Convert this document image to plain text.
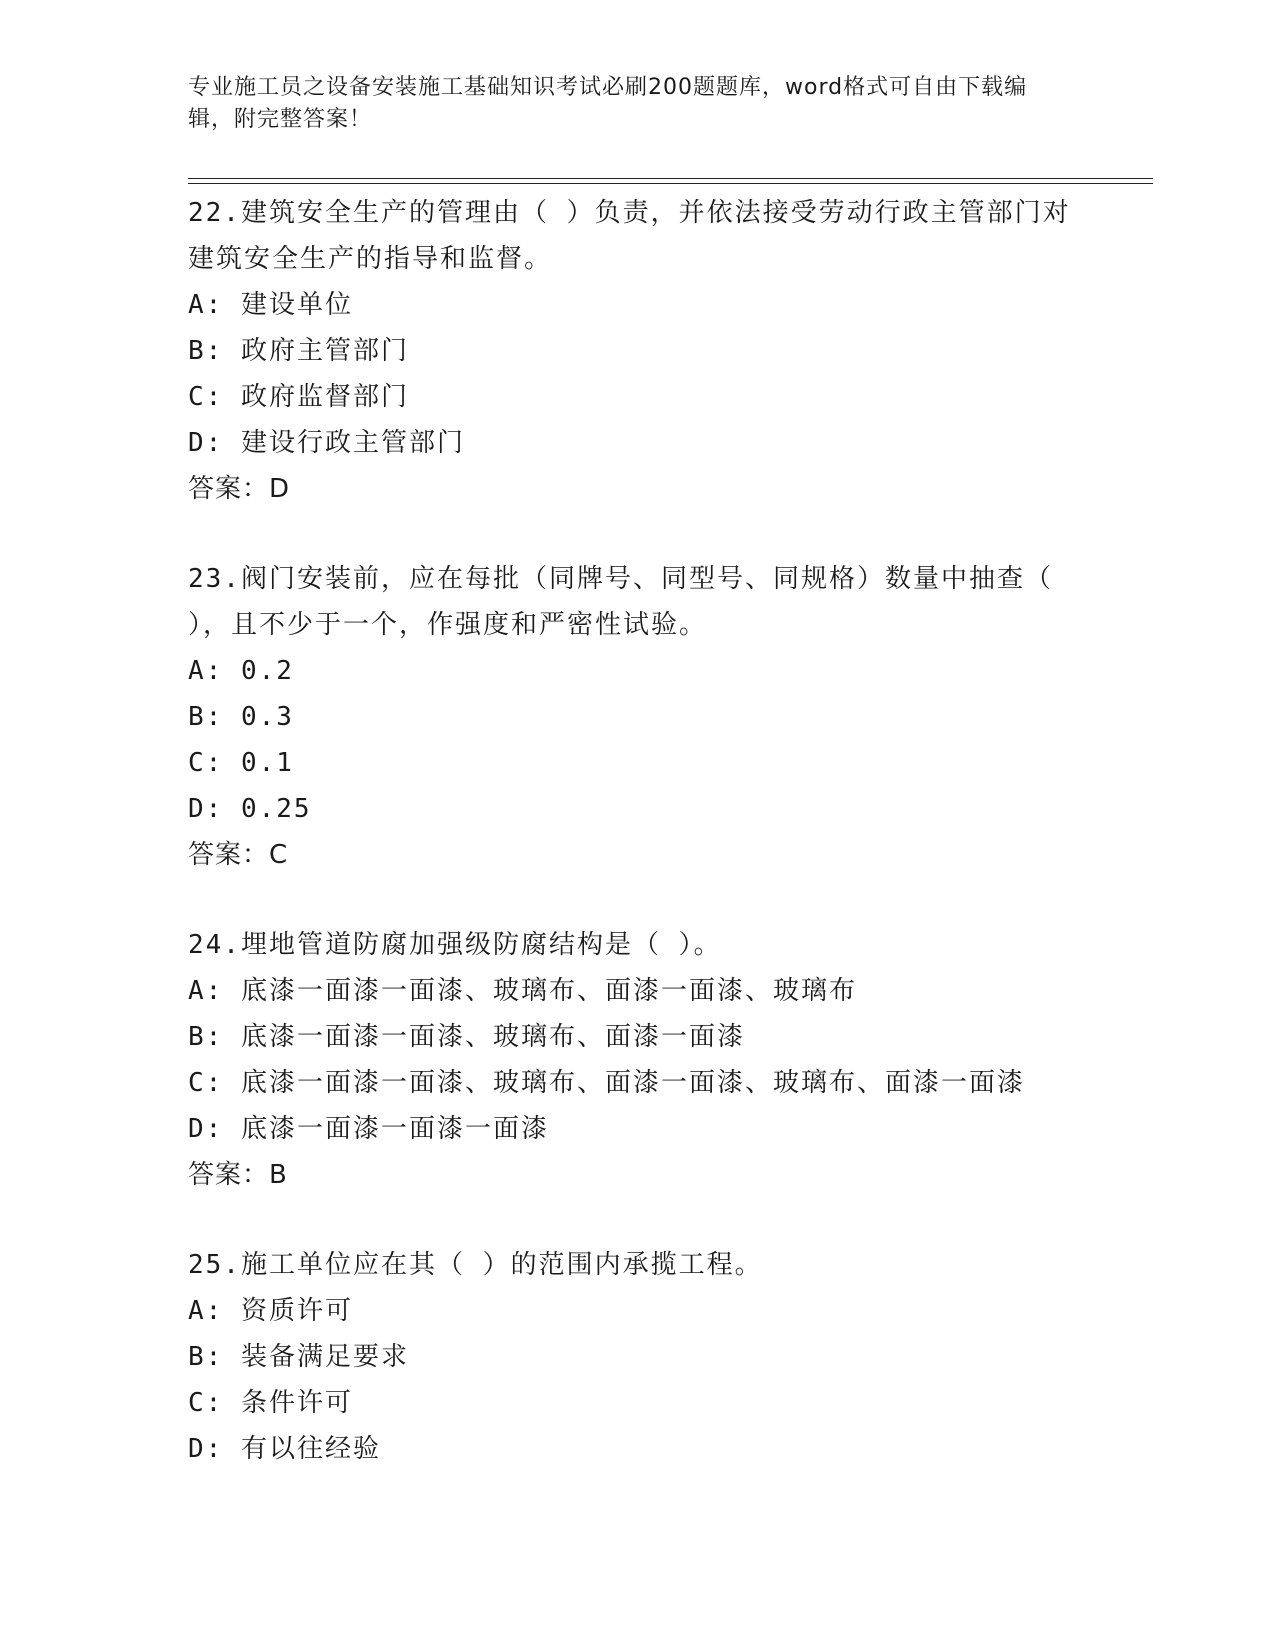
专业施工员之设备安装施工基础知识考试必刷200题题库，word格式可自由下载编辑，附完整答案！
22.建筑安全生产的管理由（ ）负责，并依法接受劳动行政主管部门对建筑安全生产的指导和监督。
A: 建设单位
B: 政府主管部门
C: 政府监督部门
D: 建设行政主管部门
答案：D
23.阀门安装前，应在每批（同牌号、同型号、同规格）数量中抽查（ ），且不少于一个，作强度和严密性试验。
A: 0.2
B: 0.3
C: 0.1
D: 0.25
答案：C
24.埋地管道防腐加强级防腐结构是（ ）。
A: 底漆一面漆一面漆、玻璃布、面漆一面漆、玻璃布
B: 底漆一面漆一面漆、玻璃布、面漆一面漆
C: 底漆一面漆一面漆、玻璃布、面漆一面漆、玻璃布、面漆一面漆
D: 底漆一面漆一面漆一面漆
答案：B
25.施工单位应在其（ ）的范围内承揽工程。
A: 资质许可
B: 装备满足要求
C: 条件许可
D: 有以往经验
